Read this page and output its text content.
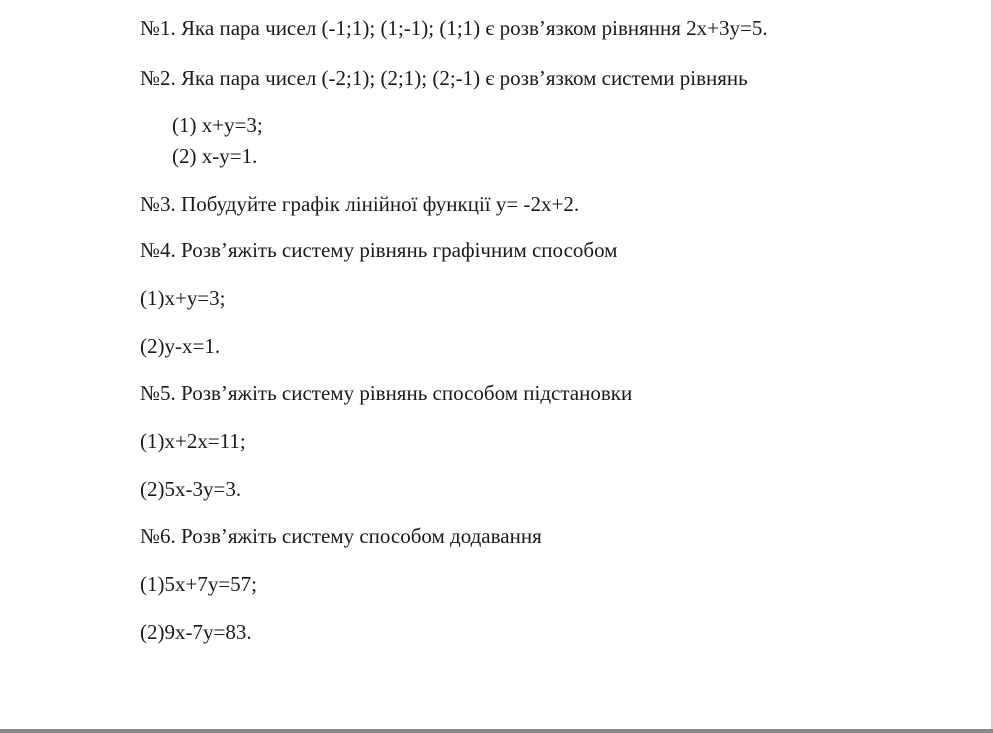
№1. Яка пара чисел (-1;1); (1;-1); (1;1) є розв’язком рівняння 2х+3у=5.
№2. Яка пара чисел (-2;1); (2;1); (2;-1) є розв’язком системи рівнянь
(1) х+у=3;
(2) х-у=1.
№3. Побудуйте графік лінійної функції у= -2х+2.
№4. Розв’яжіть систему рівнянь графічним способом
(1)х+у=3;
(2)у-х=1.
№5. Розв’яжіть систему рівнянь способом підстановки
(1)х+2х=11;
(2)5х-3у=3.
№6. Розв’яжіть систему способом додавання
(1)5х+7у=57;
(2)9х-7у=83.
